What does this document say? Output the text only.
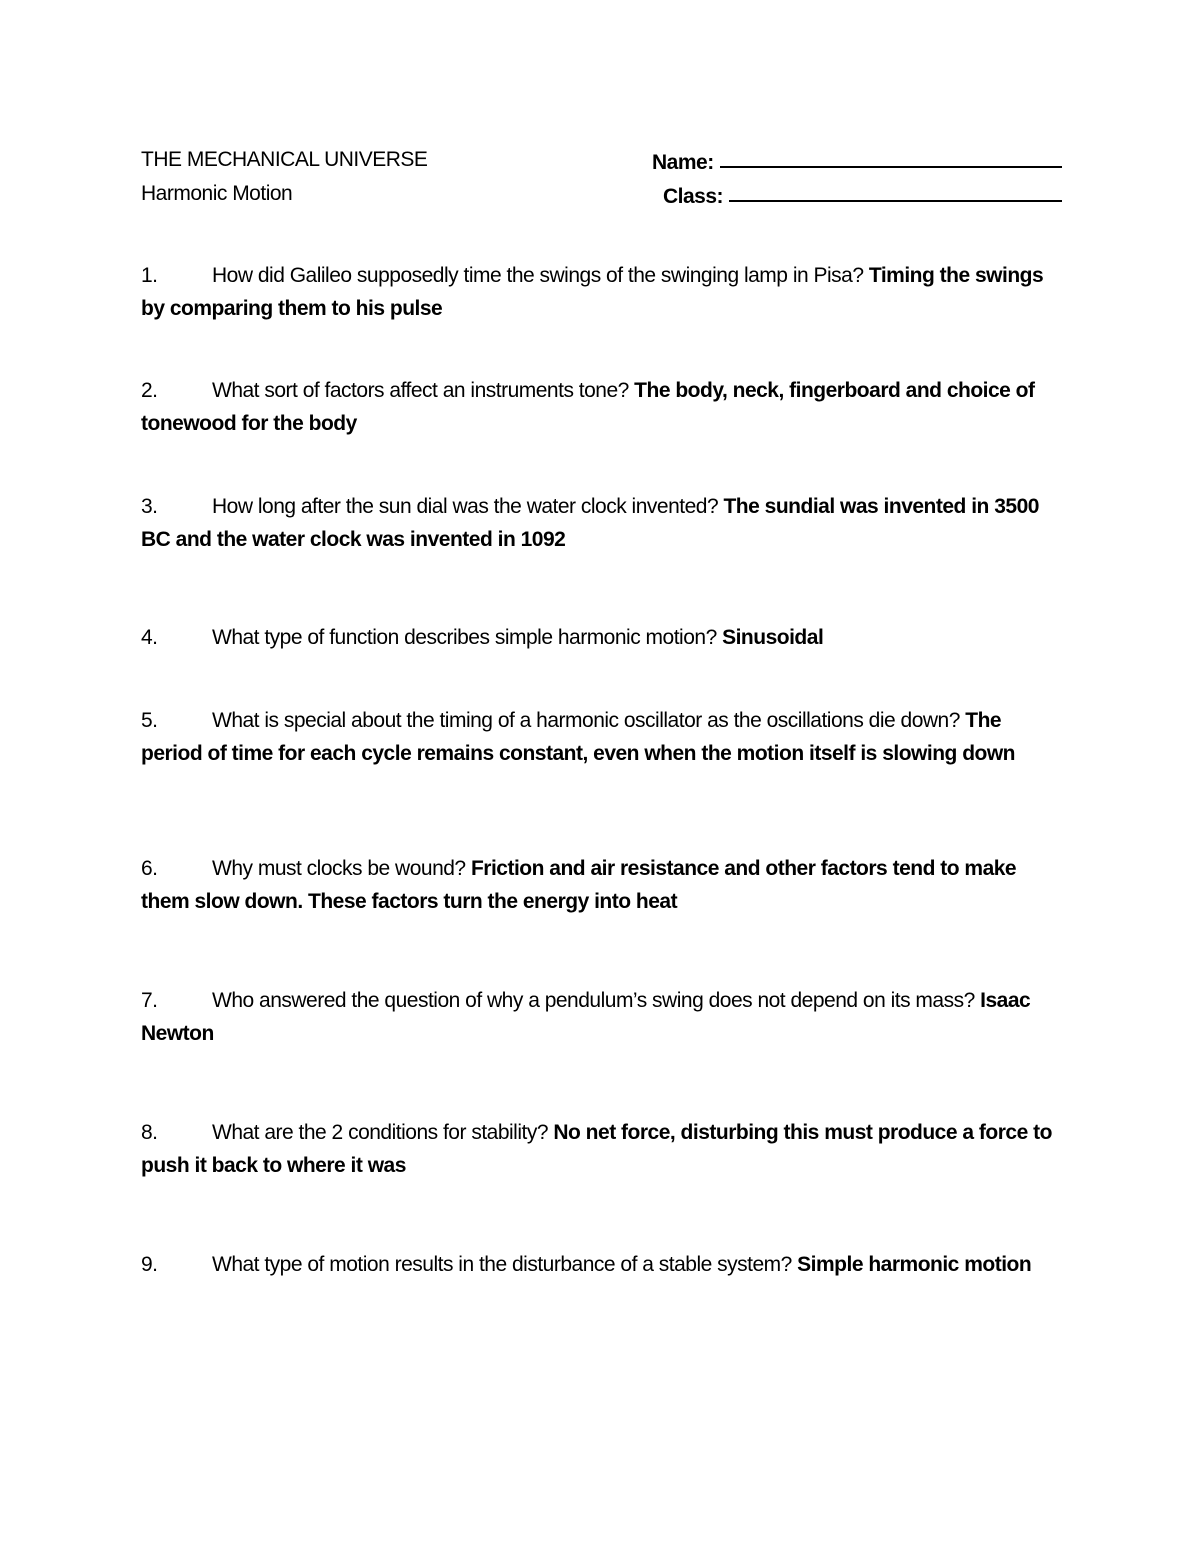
THE MECHANICAL UNIVERSE
Harmonic Motion
Name:
Class:
1.	How did Galileo supposedly time the swings of the swinging lamp in Pisa? Timing the swings by comparing them to his pulse
2.	What sort of factors affect an instruments tone? The body, neck, fingerboard and choice of tonewood for the body
3.	How long after the sun dial was the water clock invented? The sundial was invented in 3500 BC and the water clock was invented in 1092
4.	What type of function describes simple harmonic motion? Sinusoidal
5.	What is special about the timing of a harmonic oscillator as the oscillations die down? The period of time for each cycle remains constant, even when the motion itself is slowing down
6.	Why must clocks be wound? Friction and air resistance and other factors tend to make them slow down. These factors turn the energy into heat
7.	Who answered the question of why a pendulum’s swing does not depend on its mass? Isaac Newton
8.	What are the 2 conditions for stability? No net force, disturbing this must produce a force to push it back to where it was
9.	What type of motion results in the disturbance of a stable system? Simple harmonic motion
